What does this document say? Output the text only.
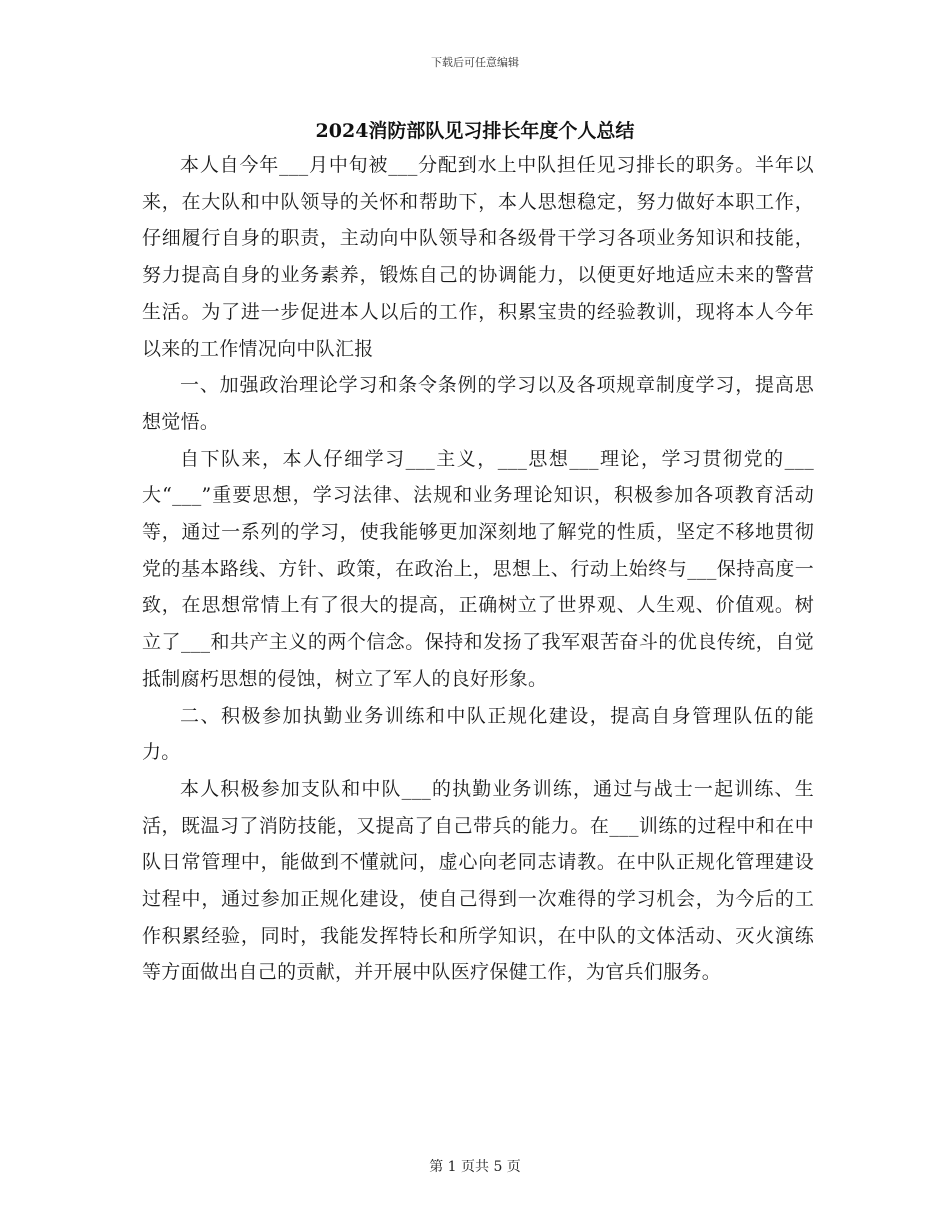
下载后可任意编辑
2024消防部队见习排长年度个人总结

本人自今年___月中旬被___分配到水上中队担任见习排长的职务。半年以来，在大队和中队领导的关怀和帮助下，本人思想稳定，努力做好本职工作，仔细履行自身的职责，主动向中队领导和各级骨干学习各项业务知识和技能，努力提高自身的业务素养，锻炼自己的协调能力，以便更好地适应未来的警营生活。为了进一步促进本人以后的工作，积累宝贵的经验教训，现将本人今年以来的工作情况向中队汇报

一、加强政治理论学习和条令条例的学习以及各项规章制度学习，提高思想觉悟。

自下队来，本人仔细学习___主义，___思想___理论，学习贯彻党的___大“___”重要思想，学习法律、法规和业务理论知识，积极参加各项教育活动等，通过一系列的学习，使我能够更加深刻地了解党的性质，坚定不移地贯彻党的基本路线、方针、政策，在政治上，思想上、行动上始终与___保持高度一致，在思想常情上有了很大的提高，正确树立了世界观、人生观、价值观。树立了___和共产主义的两个信念。保持和发扬了我军艰苦奋斗的优良传统，自觉抵制腐朽思想的侵蚀，树立了军人的良好形象。

二、积极参加执勤业务训练和中队正规化建设，提高自身管理队伍的能力。

本人积极参加支队和中队___的执勤业务训练，通过与战士一起训练、生活，既温习了消防技能，又提高了自己带兵的能力。在___训练的过程中和在中队日常管理中，能做到不懂就问，虚心向老同志请教。在中队正规化管理建设过程中，通过参加正规化建设，使自己得到一次难得的学习机会，为今后的工作积累经验，同时，我能发挥特长和所学知识，在中队的文体活动、灭火演练等方面做出自己的贡献，并开展中队医疗保健工作，为官兵们服务。

第 1 页共 5 页
